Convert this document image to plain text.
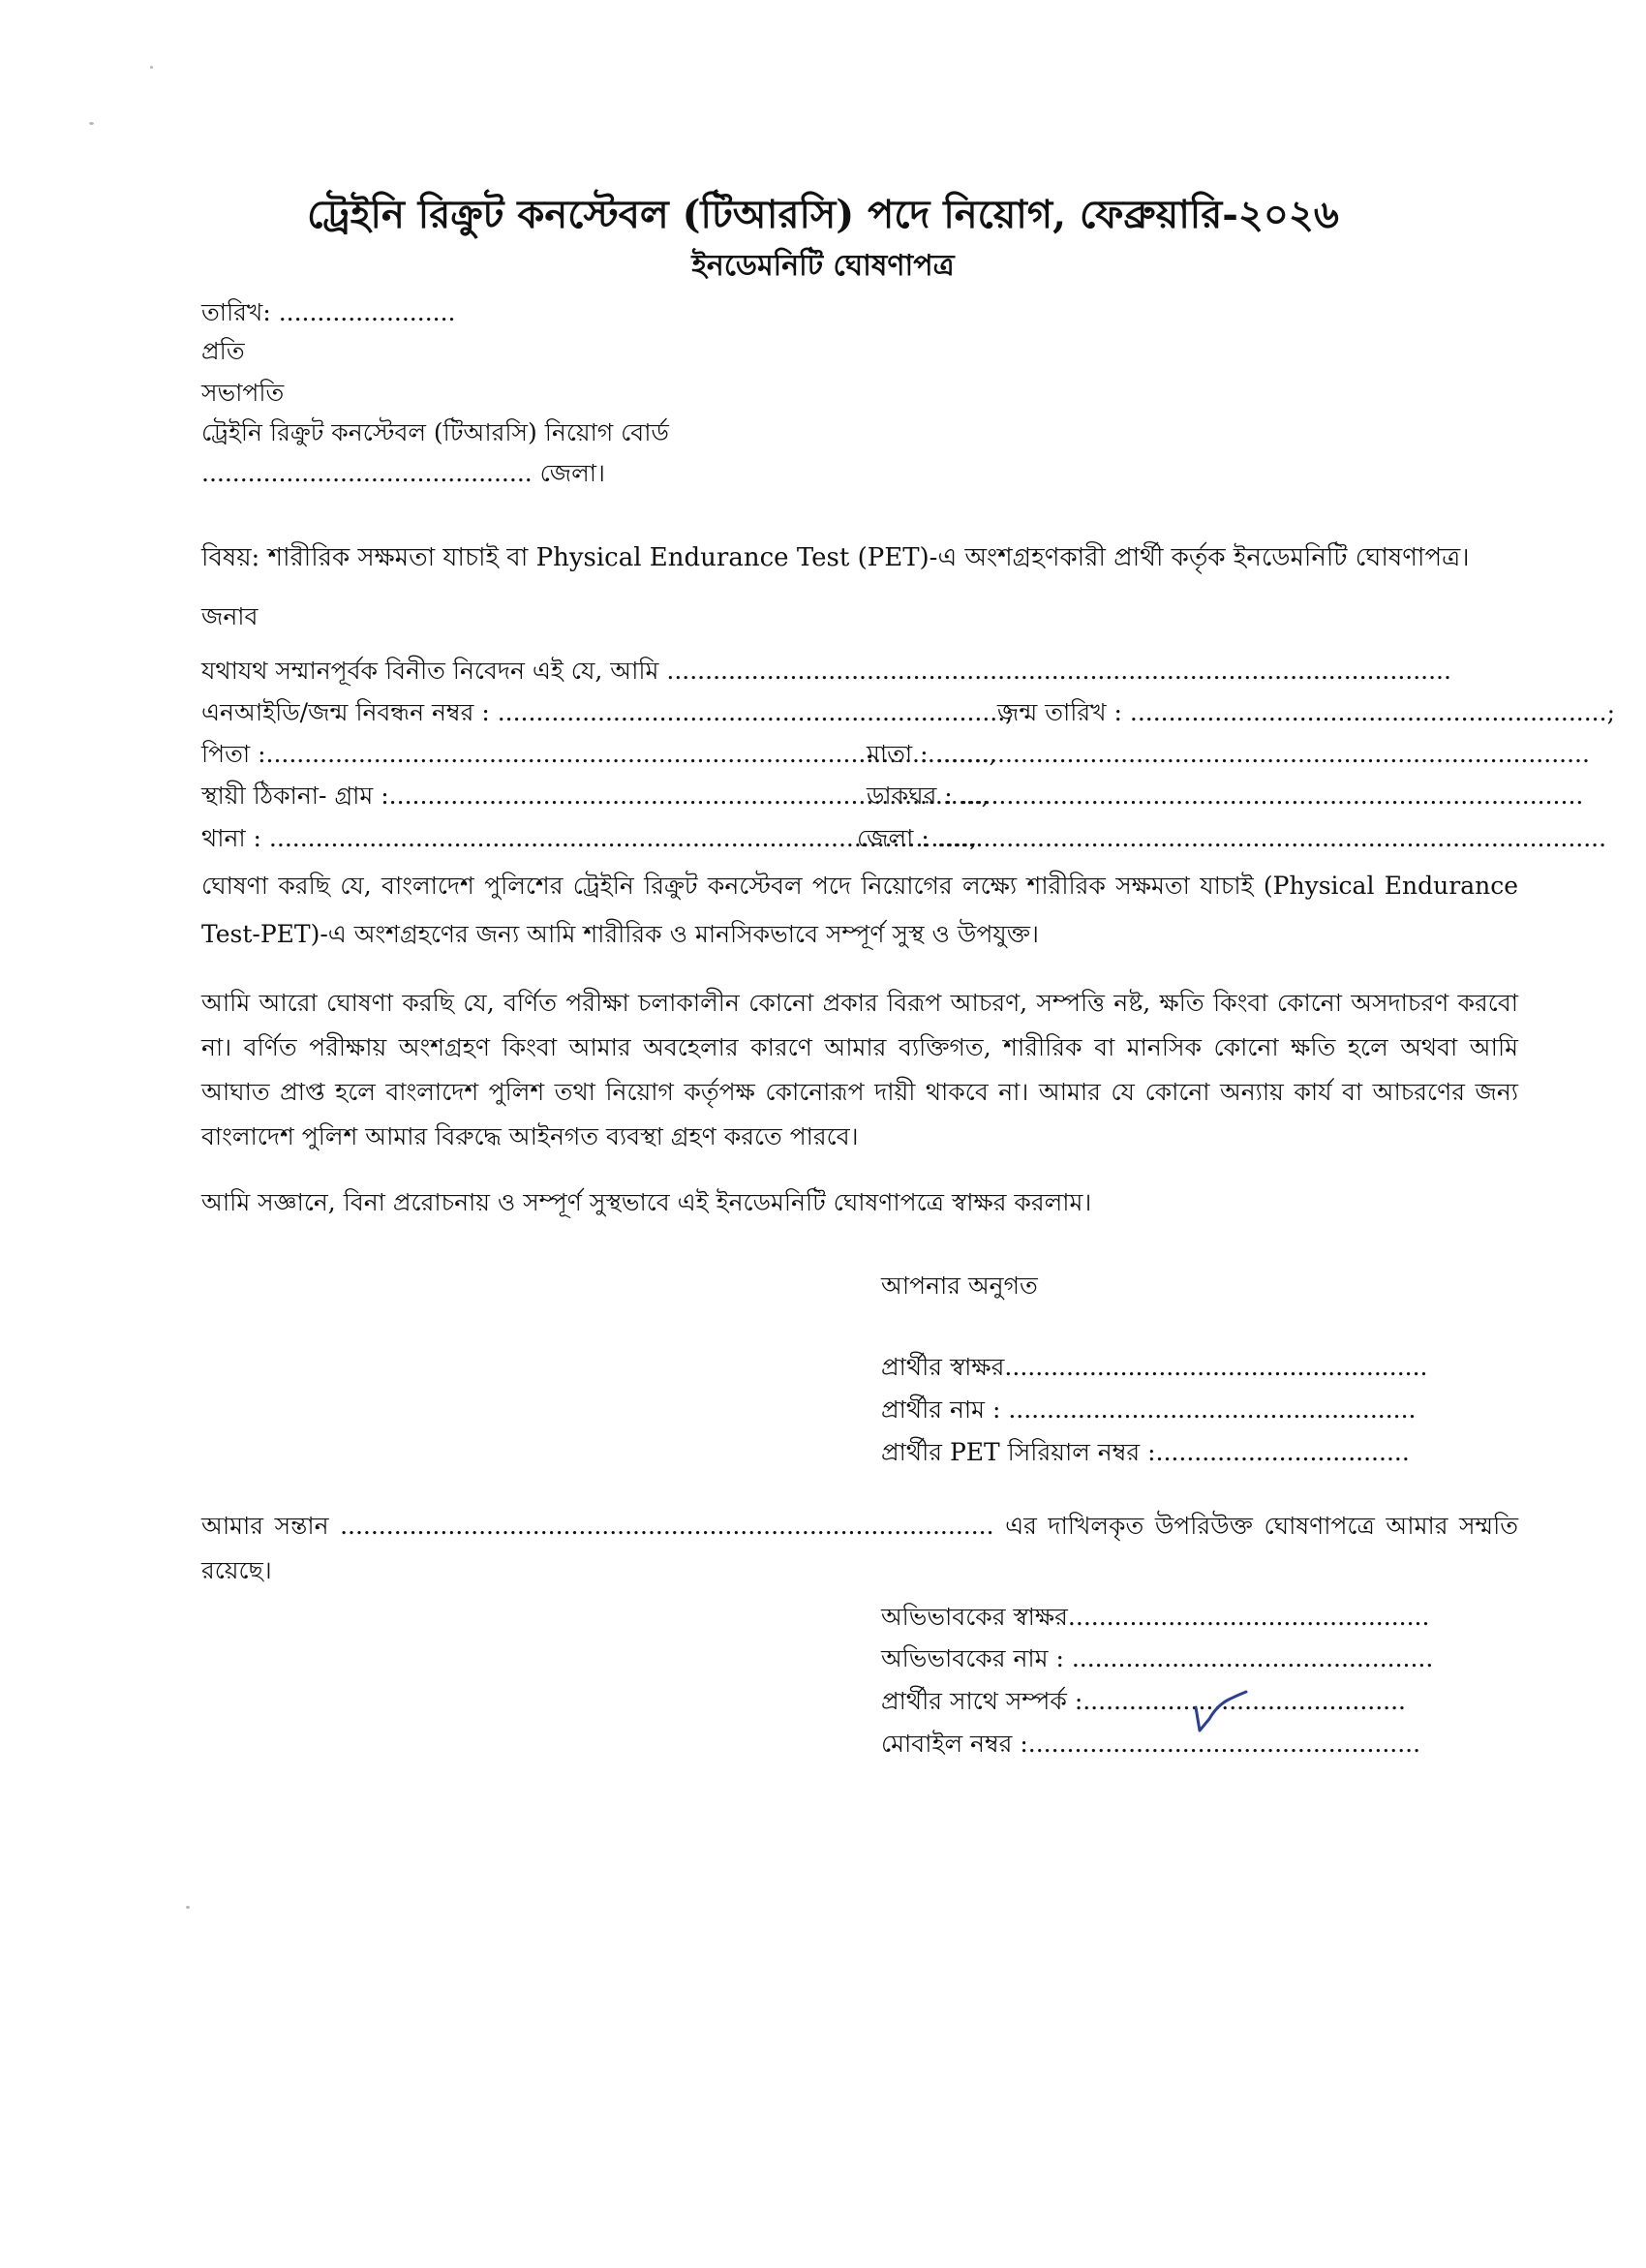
ট্রেইনি রিক্রুট কনস্টেবল (টিআরসি) পদে নিয়োগ, ফেব্রুয়ারি-২০২৬
ইনডেমনিটি ঘোষণাপত্র
তারিখ: .......................
প্রতি
সভাপতি
ট্রেইনি রিক্রুট কনস্টেবল (টিআরসি) নিয়োগ বোর্ড
........................................... জেলা।
বিষয়: শারীরিক সক্ষমতা যাচাই বা Physical Endurance Test (PET)-এ অংশগ্রহণকারী প্রার্থী কর্তৃক ইনডেমনিটি ঘোষণাপত্র।
জনাব
যথাযথ সম্মানপূর্বক বিনীত নিবেদন এই যে, আমি ......................................................................................................
এনআইডি/জন্ম নিবন্ধন নম্বর : ..................................................................;
জন্ম তারিখ : ..............................................................;
পিতা :..............................................................................................,
মাতা : .....................................................................................
স্থায়ী ঠিকানা- গ্রাম :.............................................................................,
ডাকঘর : .................................................................................
থানা : ...........................................................................................,
জেলা : .......................................................................................
ঘোষণা করছি যে, বাংলাদেশ পুলিশের ট্রেইনি রিক্রুট কনস্টেবল পদে নিয়োগের লক্ষ্যে শারীরিক সক্ষমতা যাচাই (Physical Endurance Test-PET)-এ অংশগ্রহণের জন্য আমি শারীরিক ও মানসিকভাবে সম্পূর্ণ সুস্থ ও উপযুক্ত।
আমি আরো ঘোষণা করছি যে, বর্ণিত পরীক্ষা চলাকালীন কোনো প্রকার বিরূপ আচরণ, সম্পত্তি নষ্ট, ক্ষতি কিংবা কোনো অসদাচরণ করবো না। বর্ণিত পরীক্ষায় অংশগ্রহণ কিংবা আমার অবহেলার কারণে আমার ব্যক্তিগত, শারীরিক বা মানসিক কোনো ক্ষতি হলে অথবা আমি আঘাত প্রাপ্ত হলে বাংলাদেশ পুলিশ তথা নিয়োগ কর্তৃপক্ষ কোনোরূপ দায়ী থাকবে না। আমার যে কোনো অন্যায় কার্য বা আচরণের জন্য বাংলাদেশ পুলিশ আমার বিরুদ্ধে আইনগত ব্যবস্থা গ্রহণ করতে পারবে।
আমি সজ্ঞানে, বিনা প্ররোচনায় ও সম্পূর্ণ সুস্থভাবে এই ইনডেমনিটি ঘোষণাপত্রে স্বাক্ষর করলাম।
আপনার অনুগত
প্রার্থীর স্বাক্ষর.......................................................
প্রার্থীর নাম : .....................................................
প্রার্থীর PET সিরিয়াল নম্বর :.................................
আমার সন্তান ..................................................................................... এর দাখিলকৃত উপরিউক্ত ঘোষণাপত্রে আমার সম্মতি রয়েছে।
অভিভাবকের স্বাক্ষর...............................................
অভিভাবকের নাম : ...............................................
প্রার্থীর সাথে সম্পর্ক :..........................................
মোবাইল নম্বর :...................................................
